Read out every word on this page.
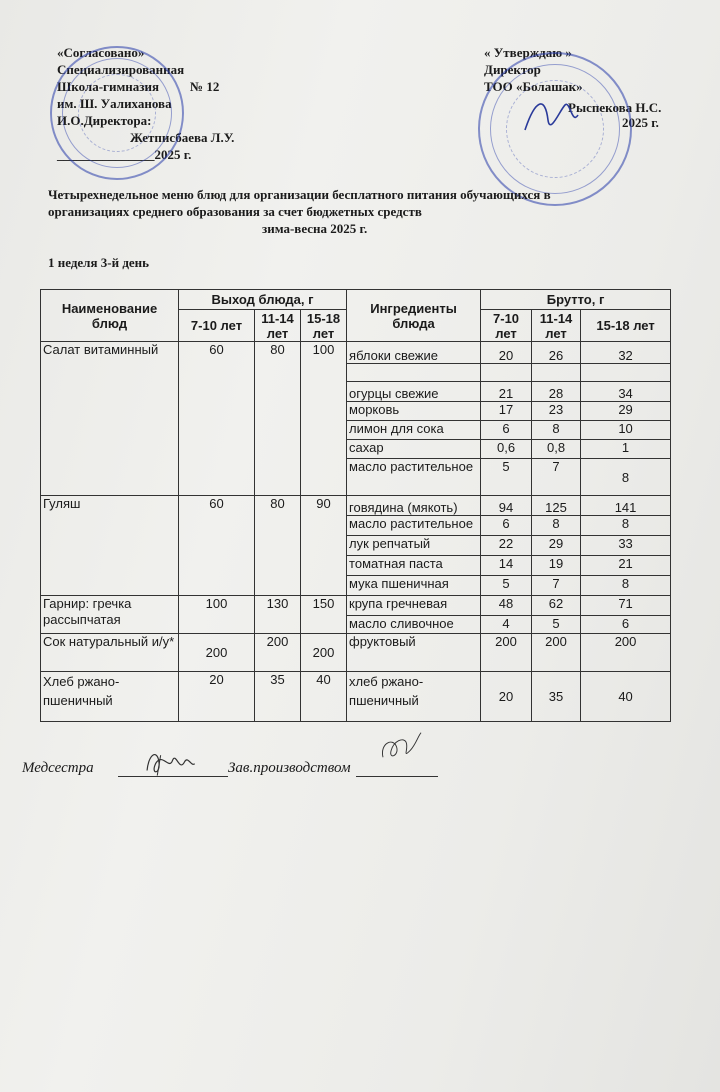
«Согласовано»
Специализированная
Школа-гимназия № 12
им. Ш. Уалиханова
И.О.Директора:
Жетписбаева Л.У.
_______________2025 г.
« Утверждаю »
Директор
ТОО «Болашак»
Рыспекова Н.С.
2025 г.
Четырехнедельное меню блюд для организации бесплатного питания обучающихся в
организациях среднего образования за счет бюджетных средств
зима-весна 2025 г.
1 неделя 3-й день
Наименование блюд	Выход блюда, г			Ингредиенты блюда	Брутто, г		
	7-10 лет	11-14 лет	15-18 лет		7-10 лет	11-14 лет	15-18 лет
Салат витаминный	60	80	100	яблоки свежие	20	26	32

				огурцы свежие	21	28	34
				морковь	17	23	29
				лимон для сока	6	8	10
				сахар	0,6	0,8	1
				масло растительное	5	7	8
Гуляш	60	80	90	говядина (мякоть)	94	125	141
				масло растительное	6	8	8
				лук репчатый	22	29	33
				томатная паста	14	19	21
				мука пшеничная	5	7	8
Гарнир: гречка рассыпчатая	100	130	150	крупа гречневая	48	62	71
				масло сливочное	4	5	6
Сок натуральный и/у*	200	200	200	фруктовый	200	200	200
Хлеб ржано-пшеничный	20	35	40	хлеб ржано-пшеничный	20	35	40
Медсестра	Зав.производством
